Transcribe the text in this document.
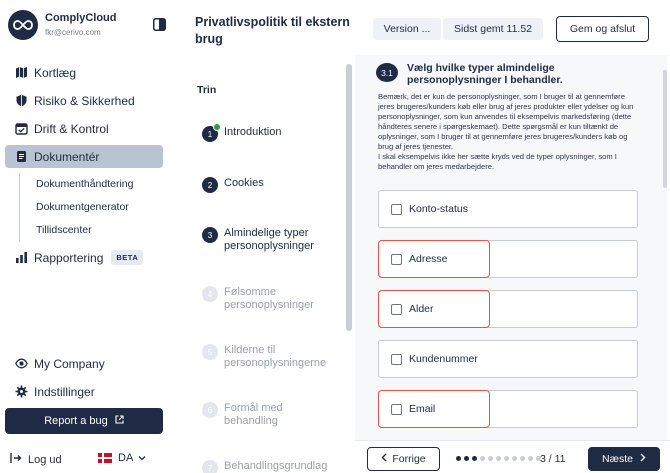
ComplyCloud
fkr@cerivo.com
Kortlæg
Risiko & Sikkerhed
Drift & Kontrol
Dokumentér
Dokumenthåndtering
Dokumentgenerator
Tillidscenter
Rapportering	BETA
My Company
Indstillinger
Report a bug
Log ud	DA
Privatlivspolitik til ekstern brug
Version ...	Sidst gemt 11.52	Gem og afslut
Trin
1 Introduktion
2	Cookies
3	Almindelige typer personoplysninger
4	Følsomme personoplysninger
5	Kilderne til personoplysningerne
6	Formål med behandling
7	Behandlingsgrundlag
3.1	Vælg hvilke typer almindelige personoplysninger I behandler.
Bemærk, det er kun de personoplysninger, som I bruger til at gennemføre jeres brugeres/kunders køb eller brug af jeres produkter eller ydelser og kun personoplysninger, som kun anvendes til eksempelvis markedsføring (dette håndteres senere i spørgeskemaet). Dette spørgsmål er kun tiltænkt de oplysninger, som I bruger til at gennemføre jeres brugeres/kunders køb og brug af jeres tjenester.
I skal eksempelvis ikke her sætte kryds ved de typer oplysninger, som I behandler om jeres medarbejdere.
Konto-status
Adresse
Alder
Kundenummer
Email
Forrige	3 / 11	Næste
